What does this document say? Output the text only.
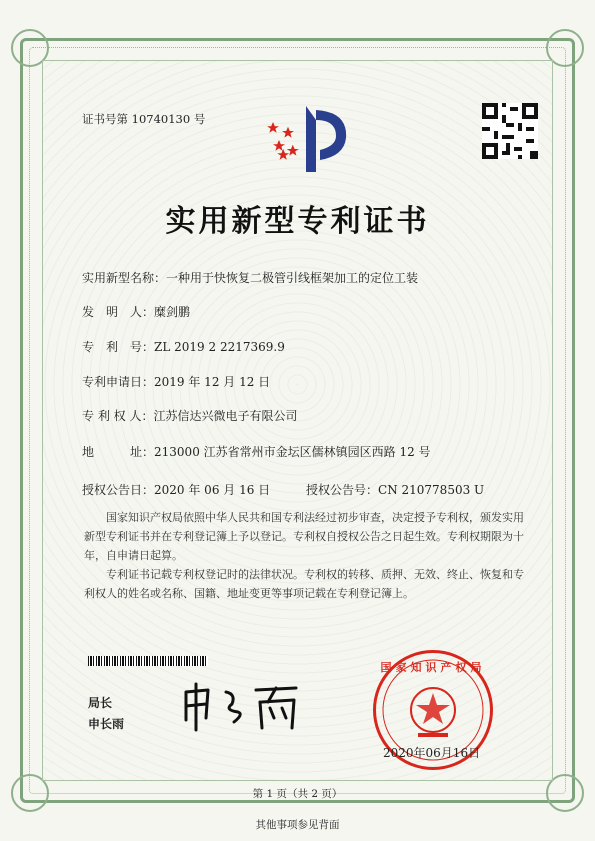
证书号第 10740130 号
实用新型专利证书
实用新型名称：一种用于快恢复二极管引线框架加工的定位工装
发　明　人：糜剑鹏
专　利　号：ZL 2019 2 2217369.9
专利申请日：2019 年 12 月 12 日
专 利 权 人：江苏信达兴微电子有限公司
地　　　址：213000 江苏省常州市金坛区儒林镇园区西路 12 号
授权公告日：2020 年 06 月 16 日	授权公告号：CN 210778503 U
国家知识产权局依照中华人民共和国专利法经过初步审查，决定授予专利权，颁发实用新型专利证书并在专利登记簿上予以登记。专利权自授权公告之日起生效。专利权期限为十年，自申请日起算。
专利证书记载专利权登记时的法律状况。专利权的转移、质押、无效、终止、恢复和专利权人的姓名或名称、国籍、地址变更等事项记载在专利登记簿上。
局长
申长雨
国家知识产权局
2020年06月16日
第 1 页（共 2 页）
其他事项参见背面
